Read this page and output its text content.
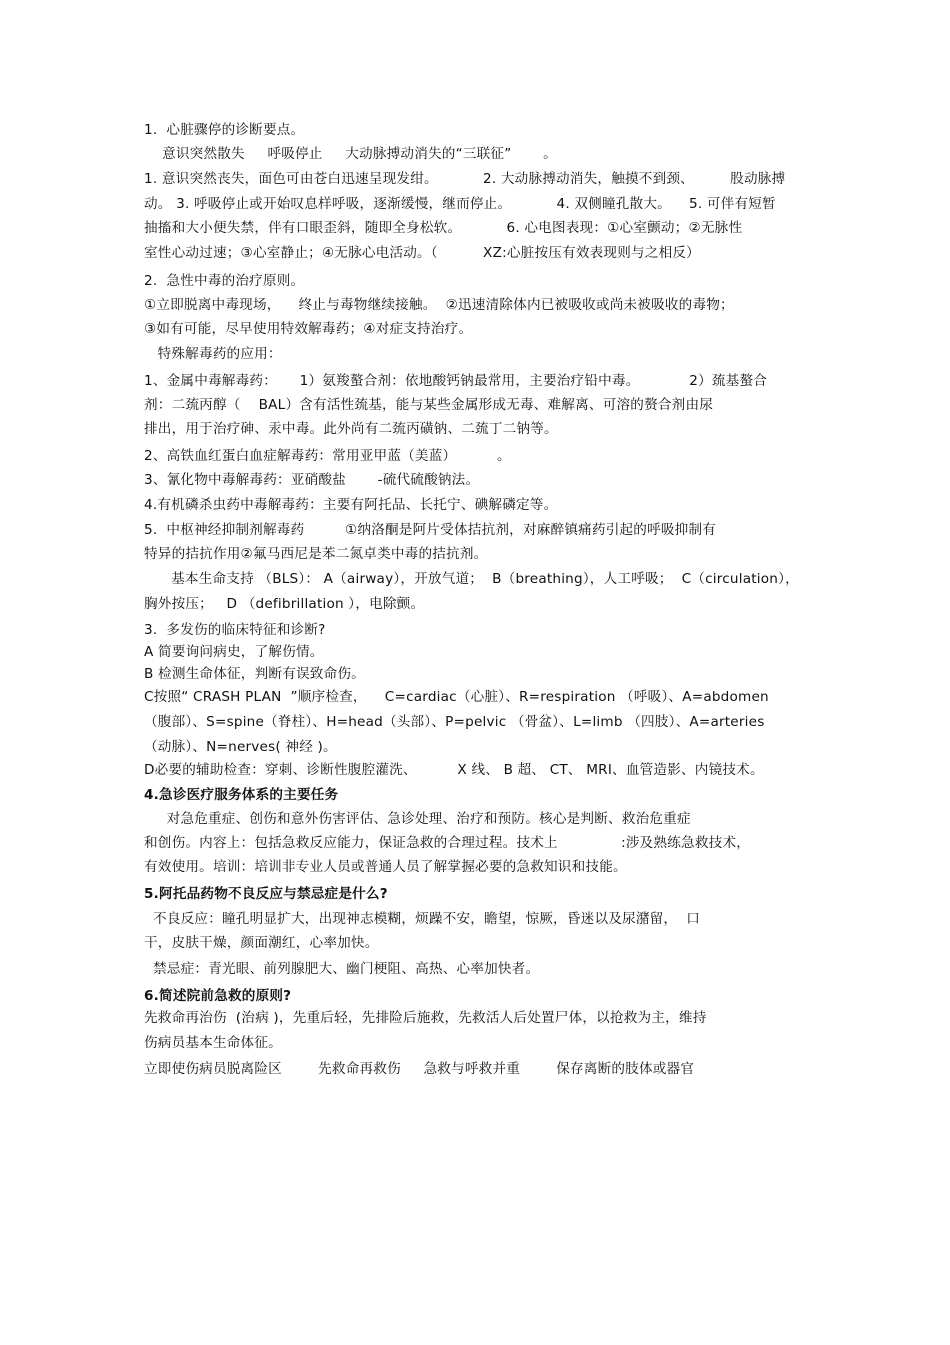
1.  心脏骤停的诊断要点。
意识突然散失     呼吸停止     大动脉搏动消失的“三联征”       。
1. 意识突然丧失，面色可由苍白迅速呈现发绀。          2. 大动脉搏动消失，触摸不到颈、        股动脉搏
动。 3. 呼吸停止或开始叹息样呼吸，逐渐缓慢，继而停止。          4. 双侧瞳孔散大。    5. 可伴有短暂
抽搐和大小便失禁，伴有口眼歪斜，随即全身松软。          6. 心电图表现：①心室颤动；②无脉性
室性心动过速；③心室静止；④无脉心电活动。（          XZ:心脏按压有效表现则与之相反）
2.  急性中毒的治疗原则。
①立即脱离中毒现场，    终止与毒物继续接触。  ②迅速清除体内已被吸收或尚未被吸收的毒物；
③如有可能，尽早使用特效解毒药；④对症支持治疗。
特殊解毒药的应用：
1、金属中毒解毒药：     1）氨羧螯合剂：依地酸钙钠最常用，主要治疗铅中毒。           2）巯基螯合
剂：二巯丙醇（    BAL）含有活性巯基，能与某些金属形成无毒、难解离、可溶的赘合剂由尿
排出，用于治疗砷、汞中毒。此外尚有二巯丙磺钠、二巯丁二钠等。
2、高铁血红蛋白血症解毒药：常用亚甲蓝（美蓝）         。
3、氰化物中毒解毒药：亚硝酸盐       -硫代硫酸钠法。
4.有机磷杀虫药中毒解毒药：主要有阿托品、长托宁、碘解磷定等。
5.  中枢神经抑制剂解毒药         ①纳洛酮是阿片受体拮抗剂，对麻醉镇痛药引起的呼吸抑制有
特异的拮抗作用②氟马西尼是苯二氮卓类中毒的拮抗剂。
基本生命支持 （BLS）： A（airway），开放气道；  B（breathing），人工呼吸；  C（circulation），
胸外按压；   D （defibrillation ），电除颤。
3.  多发伤的临床特征和诊断?
A 简要询问病史，了解伤情。
B 检测生命体征，判断有误致命伤。
C按照“ CRASH PLAN  ”顺序检查，    C=cardiac（心脏）、R=respiration （呼吸）、A=abdomen
（腹部）、S=spine（脊柱）、H=head（头部）、P=pelvic （骨盆）、L=limb （四肢）、A=arteries
（动脉）、N=nerves( 神经 )。
D必要的辅助检查：穿刺、诊断性腹腔灌洗、         X 线、 B 超、 CT、 MRI、血管造影、内镜技术。
4.急诊医疗服务体系的主要任务
对急危重症、创伤和意外伤害评估、急诊处理、治疗和预防。核心是判断、救治危重症
和创伤。内容上：包括急救反应能力，保证急救的合理过程。技术上              :涉及熟练急救技术，
有效使用。培训：培训非专业人员或普通人员了解掌握必要的急救知识和技能。
5.阿托品药物不良反应与禁忌症是什么?
不良反应：瞳孔明显扩大，出现神志模糊，烦躁不安，瞻望，惊厥，昏迷以及尿潴留，  口
干，皮肤干燥，颜面潮红，心率加快。
禁忌症：青光眼、前列腺肥大、幽门梗阻、高热、心率加快者。
6.简述院前急救的原则?
先救命再治伤  (治病 )，先重后轻，先排险后施救，先救活人后处置尸体，以抢救为主，维持
伤病员基本生命体征。
立即使伤病员脱离险区        先救命再救伤     急救与呼救并重        保存离断的肢体或器官
